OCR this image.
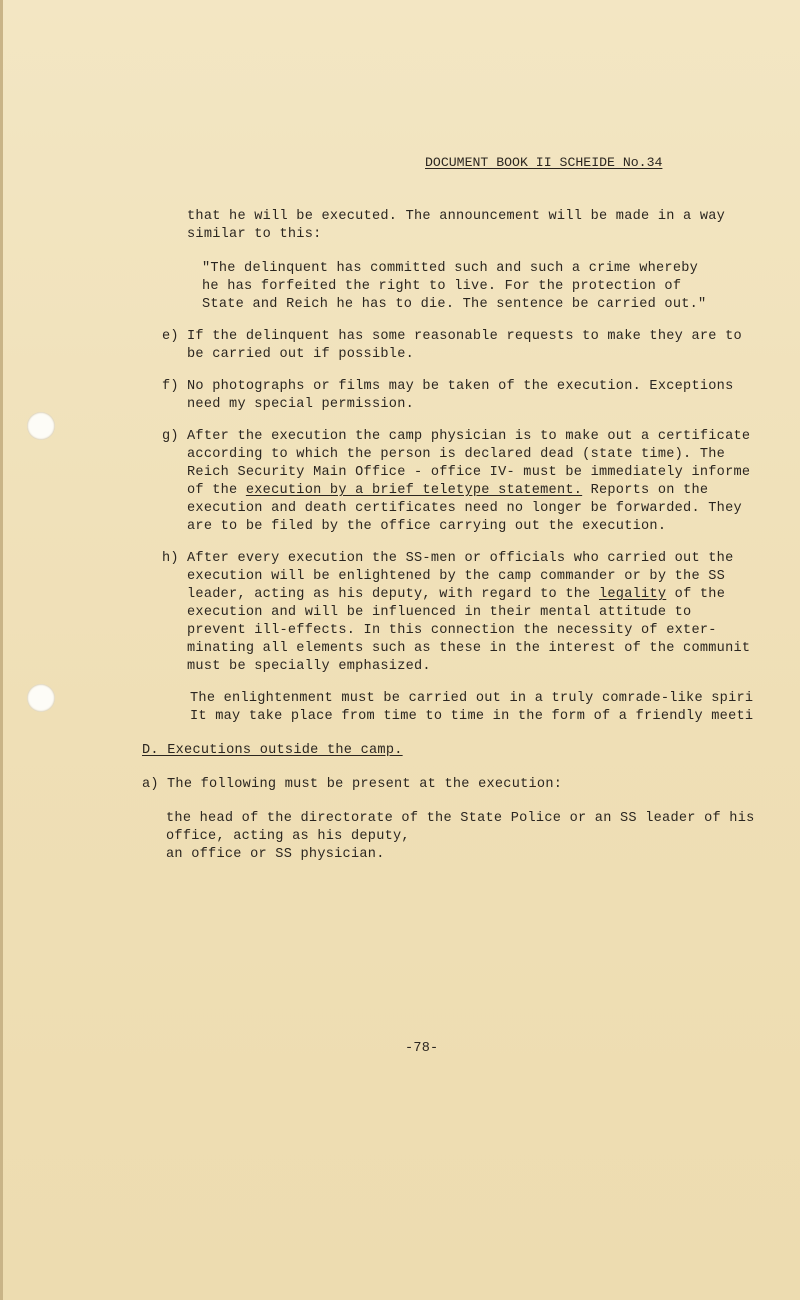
DOCUMENT BOOK II SCHEIDE No.34
that he will be executed. The announcement will be made in a way
similar to this:
"The delinquent has committed such and such a crime whereby
he has forfeited the right to live. For the protection of
State and Reich he has to die. The sentence be carried out."
e) If the delinquent has some reasonable requests to make they are to
be carried out if possible.
f) No photographs or films may be taken of the execution. Exceptions
need my special permission.
g) After the execution the camp physician is to make out a certificate
according to which the person is declared dead (state time). The
Reich Security Main Office - office IV- must be immediately informe
of the execution by a brief teletype statement. Reports on the
execution and death certificates need no longer be forwarded. They
are to be filed by the office carrying out the execution.
h) After every execution the SS-men or officials who carried out the
execution will be enlightened by the camp commander or by the SS
leader, acting as his deputy, with regard to the legality of the
execution and will be influenced in their mental attitude to
prevent ill-effects. In this connection the necessity of exter-
minating all elements such as these in the interest of the communit
must be specially emphasized.
The enlightenment must be carried out in a truly comrade-like spiri
It may take place from time to time in the form of a friendly meeti
D. Executions outside the camp.
a) The following must be present at the execution:
the head of the directorate of the State Police or an SS leader of his
office, acting as his deputy,
an office or SS physician.
-78-
